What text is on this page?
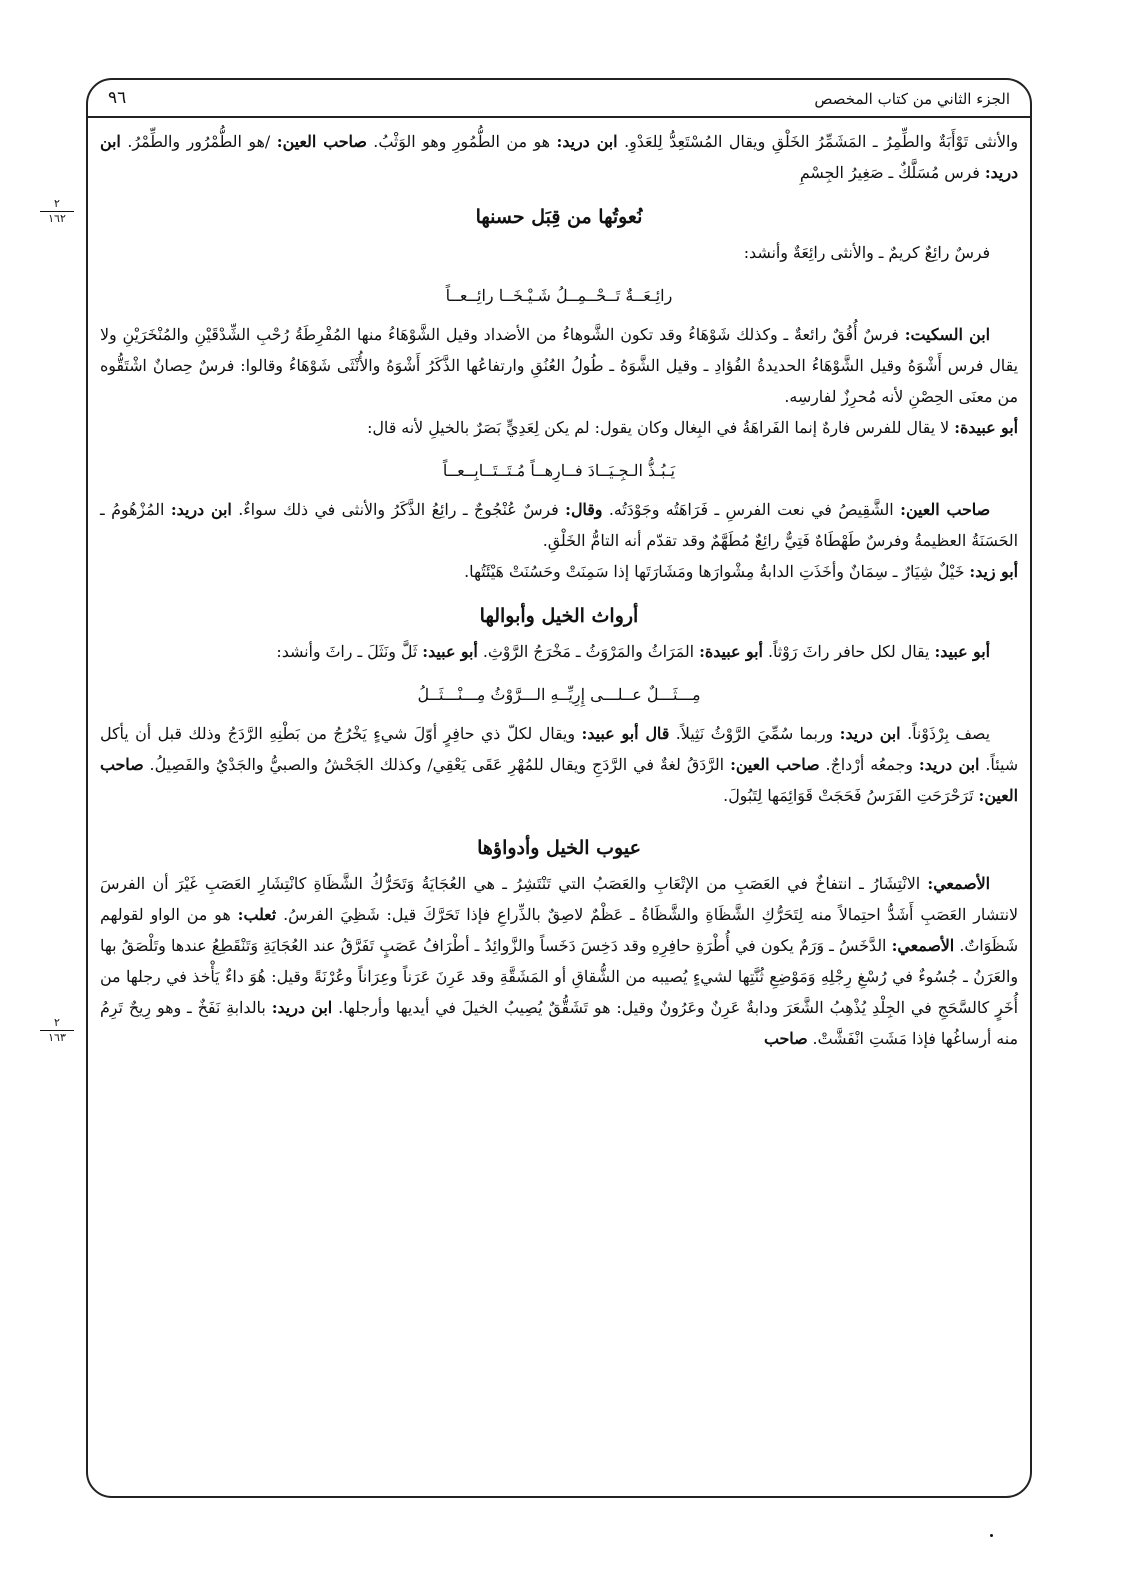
الجزء الثاني من كتاب المخصص
٩٦
٢
١٦٢
٢
١٦٣

والأنثى تَوْأَبَةٌ والطِّمِرُ ـ المَشَمِّرُ الخَلْقِ ويقال المُسْتَعِدُّ لِلعَدْوِ. ابن دريد: هو من الطُّمُورِ وهو الوَثْبُ. صاحب العين: /هو الطُّمْرُور والطِّمْرُ. ابن دريد: فرس مُسَلَّكٌ ـ صَغِيرُ الجِسْمِ

نُعوتُها من قِبَل حسنها

فرسٌ رائِعٌ كريمٌ ـ والأنثى رائِعَةٌ وأنشد:

رائِـعَــةٌ تَــحْــمِــلُ شَـيْـخَــا رائِــعــاً

ابن السكيت: فرسٌ أُفُقٌ رائعةٌ ـ وكذلك شَوْهَاءُ وقد تكون الشَّوهاءُ من الأضداد وقيل الشَّوْهَاءُ منها المُفْرِطَةُ رُحْبِ الشِّدْقَيْنِ والمُنْخَرَيْنِ ولا يقال فرس أَشْوَهُ وقيل الشَّوْهَاءُ الحديدةُ الفُؤادِ ـ وقيل الشَّوَهُ ـ طُولُ العُنُقِ وارتفاعُها الذَّكَرُ أَشْوَهُ والأُنْثَى شَوْهَاءُ وقالوا: فرسٌ حِصانٌ اشْتَقُّوه من معنَى الحِصْنِ لأنه مُحرِزٌ لفارسِه.

أبو عبيدة: لا يقال للفرس فارهٌ إنما الفَراهَةُ في البِغال وكان يقول: لم يكن لِعَدِيٍّ بَصَرٌ بالخيلِ لأنه قال:

يَـبُـذُّ الـجِـيَــادَ فــارِهــاً مُـتَــتَــابِــعــاً

صاحب العين: الشَّقِيصُ في نعت الفرسِ ـ فَرَاهَتُه وجَوْدَتُه. وقال: فرسٌ عُنْجُوجٌ ـ رائِعُ الذَّكَرُ والأنثى في ذلك سواءٌ. ابن دريد: المُزْهُومُ ـ الحَسَنَةُ العظيمةُ وفرسٌ طَهْطَاهٌ فَتِيٌّ رائِعٌ مُطَهَّمٌ وقد تقدّم أنه التامُّ الخَلْقِ.

أبو زيد: خَيْلٌ شِيَارٌ ـ سِمَانٌ وأخَذَتِ الدابةُ مِشْوارَها ومَشَارَتَها إذا سَمِنَتْ وحَسُنَتْ هَيْئَتُها.

أرواث الخيل وأبوالها

أبو عبيد: يقال لكل حافر راثَ رَوْثاً. أبو عبيدة: المَرَاثُ والمَرْوَثُ ـ مَخْرَجُ الرَّوْثِ. أبو عبيد: ثَلَّ ونَثَلَ ـ راثَ وأنشد:

مِـــثَـــلٌ عــلـــى إِرِيِّــهِ الـــرَّوْثُ مِـــنْـــثَــلُ

يصف بِرْذَوْناً. ابن دريد: وربما سُمِّيَ الرَّوْثُ نَثِيلاً. قال أبو عبيد: ويقال لكلّ ذي حافِرٍ أوّلَ شيءٍ يَخْرُجُ من بَطْنِهِ الرَّدَجُ وذلك قبل أن يأكل شيئاً. ابن دريد: وجمعُه أرْداجٌ. صاحب العين: الرَّدَقُ لغةٌ في الرَّدَجِ ويقال للمُهْرِ عَقَى يَعْقِي/ وكذلك الجَحْشُ والصبيُّ والجَدْيُ والفَصِيلُ. صاحب العين: تَرَحْرَحَتِ الفَرَسُ فَحَجَتْ قَوَائِمَها لِتَبُولَ.

عيوب الخيل وأدواؤها

الأصمعي: الانْتِشَارُ ـ انتفاخٌ في العَصَبِ من الإتْعَابِ والعَصَبُ التي تَنْتَشِرُ ـ هي العُجَايَةُ وَتَحَرُّكُ الشَّظَاةِ كانْتِشَارِ العَصَبِ غَيْرَ أن الفرسَ لانتشار العَصَبِ أَشَدُّ احتِمالاً منه لِتَحَرُّكِ الشَّظَاةِ والشَّظَاةُ ـ عَظْمٌ لاصِقٌ بالذِّراعِ فإذا تَحَرَّكَ قيل: شَظِيَ الفرسُ. ثعلب: هو من الواو لقولهم شَظَوَاتٌ. الأصمعي: الدَّخَسُ ـ وَرَمٌ يكون في أُطْرَةِ حافِرِهِ وقد دَخِسَ دَخَساً والزَّوائِدُ ـ أطْرَافُ عَصَبٍ تَفَرَّقُ عند العُجَايَةِ وَتَنْقَطِعُ عندها وتَلْصَقُ بها والعَرَنُ ـ جُسُوءٌ في رُسْغِ رِجْلِهِ وَمَوْضِعِ ثُنَّتِها لشيءٍ يُصيبه من الشُّقاقِ أو المَشَقَّةِ وقد عَرِنَ عَرَناً وعِرَاناً وعُرْنَةً وقيل: هُوَ داءٌ يَأْخذ في رجلها من أُخَرٍ كالسَّحَجِ في الجِلْدِ يُذْهِبُ الشَّعَرَ ودابةٌ عَرِنٌ وعَرُونٌ وقيل: هو تَشَقُّقٌ يُصِيبُ الخيلَ في أيديها وأرجلها. ابن دريد: بالدابةِ نَفَخٌ ـ وهو رِيحٌ تَرِمُ منه أرساغُها فإذا مَشَتِ انْفَشَّتْ. صاحب
